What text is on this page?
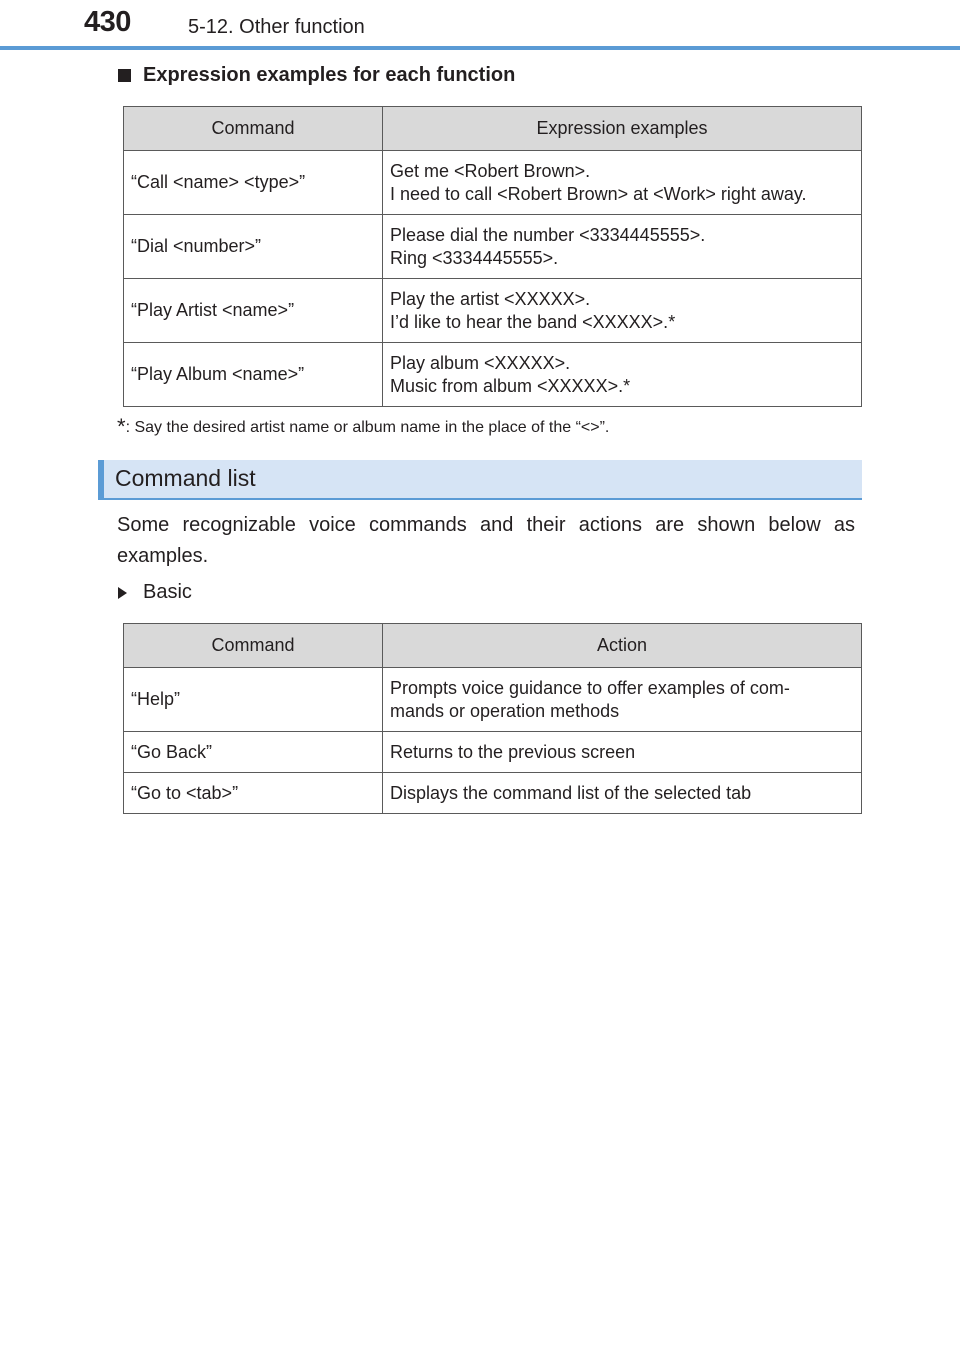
430	5-12. Other function
Expression examples for each function
Command	Expression examples
“Call <name> <type>”	Get me <Robert Brown>.
I need to call <Robert Brown> at <Work> right away.
“Dial <number>”	Please dial the number <3334445555>.
Ring <3334445555>.
“Play Artist <name>”	Play the artist <XXXXX>.
I’d like to hear the band <XXXXX>.*
“Play Album <name>”	Play album <XXXXX>.
Music from album <XXXXX>.*
*: Say the desired artist name or album name in the place of the “<>”.
Command list
Some recognizable voice commands and their actions are shown below as examples.
Basic
Command	Action
“Help”	Prompts voice guidance to offer examples of com-
mands or operation methods
“Go Back”	Returns to the previous screen
“Go to <tab>”	Displays the command list of the selected tab
